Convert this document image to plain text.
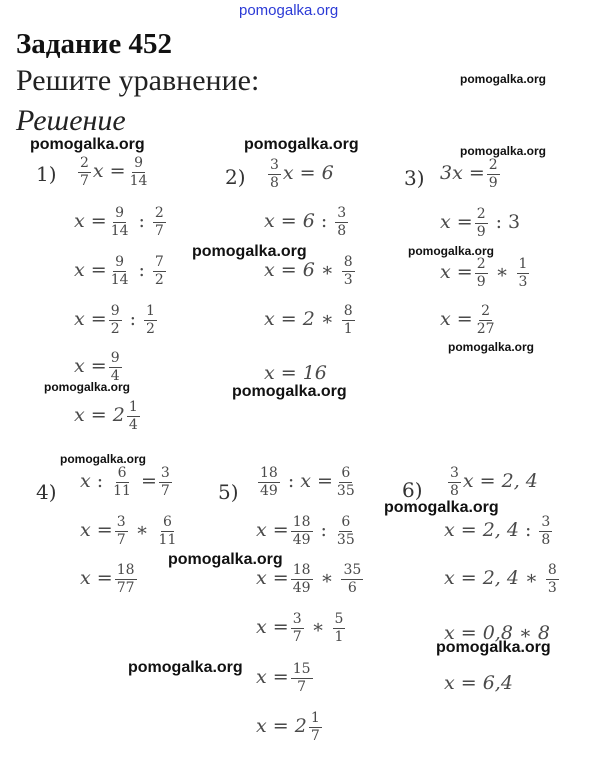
pomogalka.org
Задание 452
Решите уравнение:
Решение
1)	2)	3)
4)	5)	6)
$\frac{2}{7}$ $x = \frac{9}{14}$
$x = \frac{9}{14}$ : $\frac{2}{7}$
$x = \frac{9}{14}$ : $\frac{7}{2}$
$x = \frac{9}{2}$ : $\frac{1}{2}$
$x = \frac{9}{4}$
$x = 2 \frac{1}{4}$
$\frac{3}{8}$ x = 6
x = 6 : $\frac{3}{8}$
x = 6 ∗ $\frac{8}{3}$
x = 2 ∗ $\frac{8}{1}$
x = 16
$3x = \frac{2}{9}$
$x = \frac{2}{9}$ : 3
$x = \frac{2}{9}$ ∗ $\frac{1}{3}$
$x = \frac{2}{27}$
x : $\frac{6}{11} = \frac{3}{7}$
$x = \frac{3}{7}$ ∗ $\frac{6}{11}$
$x = \frac{18}{77}$
$\frac{18}{49}$ : $x = \frac{6}{35}$
$x = \frac{18}{49}$ : $\frac{6}{35}$
$x = \frac{18}{49}$ ∗ $\frac{35}{6}$
$x = \frac{3}{7}$ ∗ $\frac{5}{1}$
$x = \frac{15}{7}$
$x = 2 \frac{1}{7}$
$\frac{3}{8}$ x = 2, 4
x = 2, 4 : $\frac{3}{8}$
x = 2, 4 ∗ $\frac{8}{3}$
x = 0,8 ∗ 8
x = 6,4
pomogalka.org
pomogalka.org	pomogalka.org	pomogalka.org
pomogalka.org	pomogalka.org
pomogalka.org
pomogalka.org	pomogalka.org
pomogalka.org
pomogalka.org
pomogalka.org
pomogalka.org
pomogalka.org
